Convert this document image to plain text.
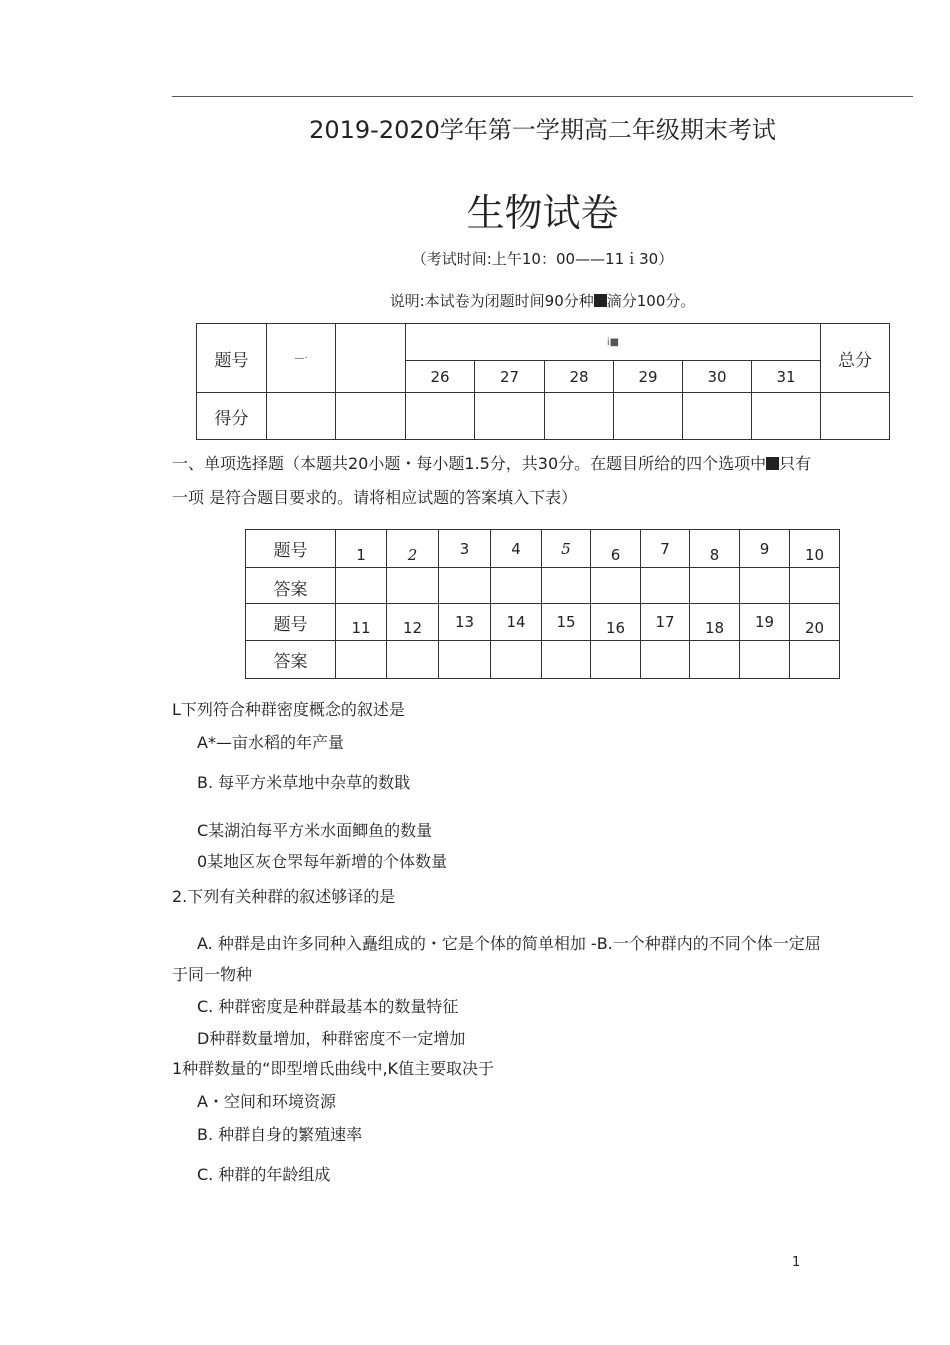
2019-2020学年第一学期高二年级期末考试
生物试卷
（考试时间:上午10：00——11ｉ30）
说明:本试卷为闭题时间90分种 滴分100分。
题号	—·		i■						总分
			26	27	28	29	30	31	
得分									
一、单项选择题（本题共20小题・每小题1.5分，共30分。在题目所给的四个选项中 只有
一项 是符合题目要求的。请将相应试题的答案填入下表）
题号	1	2	3	4	5	6	7	8	9	10
答案										
题号	11	12	13	14	15	16	17	18	19	20
答案										
L下列符合种群密度概念的叙述是
A*—亩水稻的年产量
B. 每平方米草地中杂草的数戢
C某湖泊每平方米水面鲫鱼的数量
0某地区灰仓罘每年新增的个体数量
2.下列有关种群的叙述够译的是
A. 种群是由许多同种入矗组成的・它是个体的简单相加 -B.一个种群内的不同个体一定屈
于同一物种
C. 种群密度是种群最基本的数量特征
D种群数量增加，种群密度不一定增加
1种群数量的“即型增氐曲线中,K值主要取决于
A・空间和环境资源
B. 种群自身的繁殖速率
C. 种群的年龄组成
1
